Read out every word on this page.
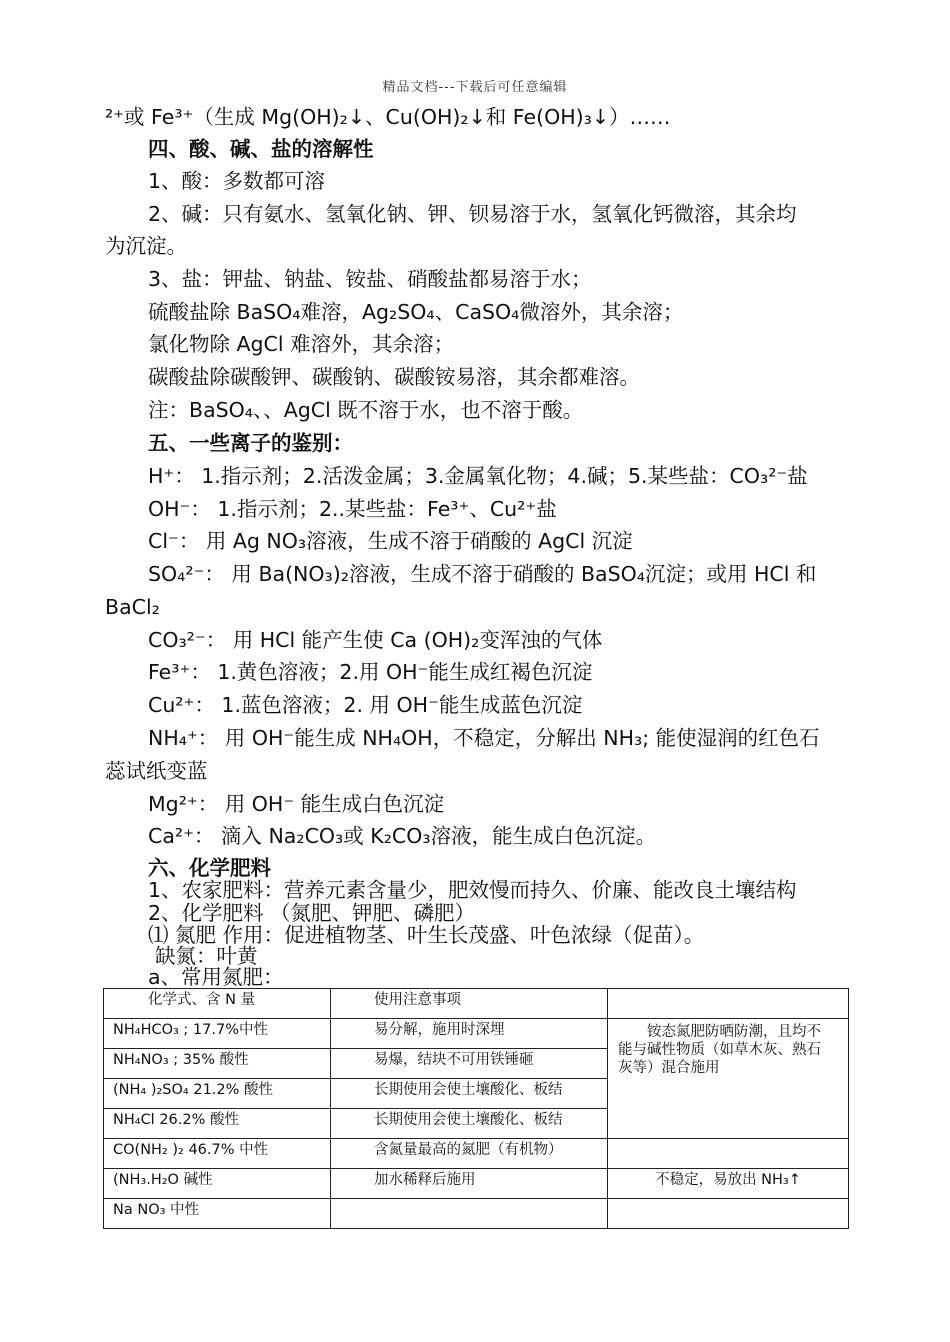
精品文档---下载后可任意编辑
²⁺或 Fe³⁺（生成 Mg(OH)₂↓、Cu(OH)₂↓和 Fe(OH)₃↓）……
四、酸、碱、盐的溶解性
1、酸：多数都可溶
2、碱：只有氨水、氢氧化钠、钾、钡易溶于水，氢氧化钙微溶，其余均
为沉淀。
3、盐：钾盐、钠盐、铵盐、硝酸盐都易溶于水；
硫酸盐除 BaSO₄难溶，Ag₂SO₄、CaSO₄微溶外，其余溶；
氯化物除 AgCl 难溶外，其余溶；
碳酸盐除碳酸钾、碳酸钠、碳酸铵易溶，其余都难溶。
注：BaSO₄、、AgCl 既不溶于水，也不溶于酸。
五、一些离子的鉴别：
H⁺： 1.指示剂；2.活泼金属；3.金属氧化物；4.碱；5.某些盐：CO₃²⁻盐
OH⁻： 1.指示剂；2..某些盐：Fe³⁺、Cu²⁺盐
Cl⁻： 用 Ag NO₃溶液，生成不溶于硝酸的 AgCl 沉淀
SO₄²⁻： 用 Ba(NO₃)₂溶液，生成不溶于硝酸的 BaSO₄沉淀；或用 HCl 和
BaCl₂
CO₃²⁻： 用 HCl 能产生使 Ca (OH)₂变浑浊的气体
Fe³⁺： 1.黄色溶液；2.用 OH⁻能生成红褐色沉淀
Cu²⁺： 1.蓝色溶液；2. 用 OH⁻能生成蓝色沉淀
NH₄⁺： 用 OH⁻能生成 NH₄OH，不稳定，分解出 NH₃; 能使湿润的红色石
蕊试纸变蓝
Mg²⁺： 用 OH⁻ 能生成白色沉淀
Ca²⁺： 滴入 Na₂CO₃或 K₂CO₃溶液，能生成白色沉淀。
六、化学肥料
1、农家肥料：营养元素含量少，肥效慢而持久、价廉、能改良土壤结构
2、化学肥料 （氮肥、钾肥、磷肥）
⑴ 氮肥 作用：促进植物茎、叶生长茂盛、叶色浓绿（促苗）。
缺氮：叶黄
a、常用氮肥：
化学式、含 N 量	使用注意事项	
NH₄HCO₃ ; 17.7%中性	易分解，施用时深埋	铵态氮肥防晒防潮，且均不能与碱性物质（如草木灰、熟石灰等）混合施用
NH₄NO₃ ; 35% 酸性	易爆，结块不可用铁锤砸	
(NH₄ )₂SO₄ 21.2% 酸性	长期使用会使土壤酸化、板结	
NH₄Cl 26.2% 酸性	长期使用会使土壤酸化、板结	
CO(NH₂ )₂ 46.7% 中性	含氮量最高的氮肥（有机物）	
(NH₃.H₂O 碱性	加水稀释后施用	不稳定，易放出 NH₃↑
Na NO₃ 中性		
